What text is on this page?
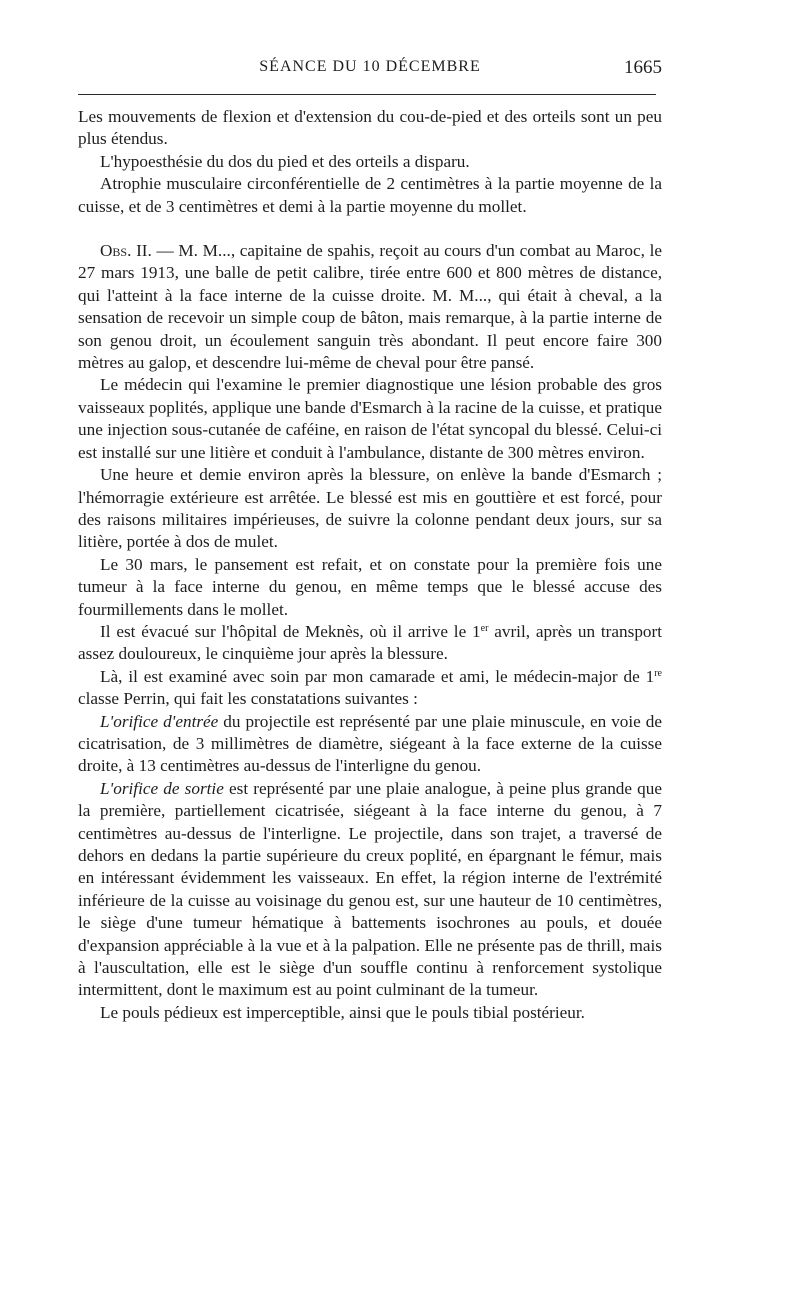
SÉANCE DU 10 DÉCEMBRE	1665

Les mouvements de flexion et d'extension du cou-de-pied et des orteils sont un peu plus étendus.

L'hypoesthésie du dos du pied et des orteils a disparu.

Atrophie musculaire circonférentielle de 2 centimètres à la partie moyenne de la cuisse, et de 3 centimètres et demi à la partie moyenne du mollet.

Obs. II. — M. M..., capitaine de spahis, reçoit au cours d'un combat au Maroc, le 27 mars 1913, une balle de petit calibre, tirée entre 600 et 800 mètres de distance, qui l'atteint à la face interne de la cuisse droite. M. M..., qui était à cheval, a la sensation de recevoir un simple coup de bâton, mais remarque, à la partie interne de son genou droit, un écoulement sanguin très abondant. Il peut encore faire 300 mètres au galop, et descendre lui-même de cheval pour être pansé.

Le médecin qui l'examine le premier diagnostique une lésion probable des gros vaisseaux poplités, applique une bande d'Esmarch à la racine de la cuisse, et pratique une injection sous-cutanée de caféine, en raison de l'état syncopal du blessé. Celui-ci est installé sur une litière et conduit à l'ambulance, distante de 300 mètres environ.

Une heure et demie environ après la blessure, on enlève la bande d'Esmarch ; l'hémorragie extérieure est arrêtée. Le blessé est mis en gouttière et est forcé, pour des raisons militaires impérieuses, de suivre la colonne pendant deux jours, sur sa litière, portée à dos de mulet.

Le 30 mars, le pansement est refait, et on constate pour la première fois une tumeur à la face interne du genou, en même temps que le blessé accuse des fourmillements dans le mollet.

Il est évacué sur l'hôpital de Meknès, où il arrive le 1er avril, après un transport assez douloureux, le cinquième jour après la blessure.

Là, il est examiné avec soin par mon camarade et ami, le médecin-major de 1re classe Perrin, qui fait les constatations suivantes :

L'orifice d'entrée du projectile est représenté par une plaie minuscule, en voie de cicatrisation, de 3 millimètres de diamètre, siégeant à la face externe de la cuisse droite, à 13 centimètres au-dessus de l'interligne du genou.

L'orifice de sortie est représenté par une plaie analogue, à peine plus grande que la première, partiellement cicatrisée, siégeant à la face interne du genou, à 7 centimètres au-dessus de l'interligne. Le projectile, dans son trajet, a traversé de dehors en dedans la partie supérieure du creux poplité, en épargnant le fémur, mais en intéressant évidemment les vaisseaux. En effet, la région interne de l'extrémité inférieure de la cuisse au voisinage du genou est, sur une hauteur de 10 centimètres, le siège d'une tumeur hématique à battements isochrones au pouls, et douée d'expansion appréciable à la vue et à la palpation. Elle ne présente pas de thrill, mais à l'auscultation, elle est le siège d'un souffle continu à renforcement systolique intermittent, dont le maximum est au point culminant de la tumeur.

Le pouls pédieux est imperceptible, ainsi que le pouls tibial postérieur.
